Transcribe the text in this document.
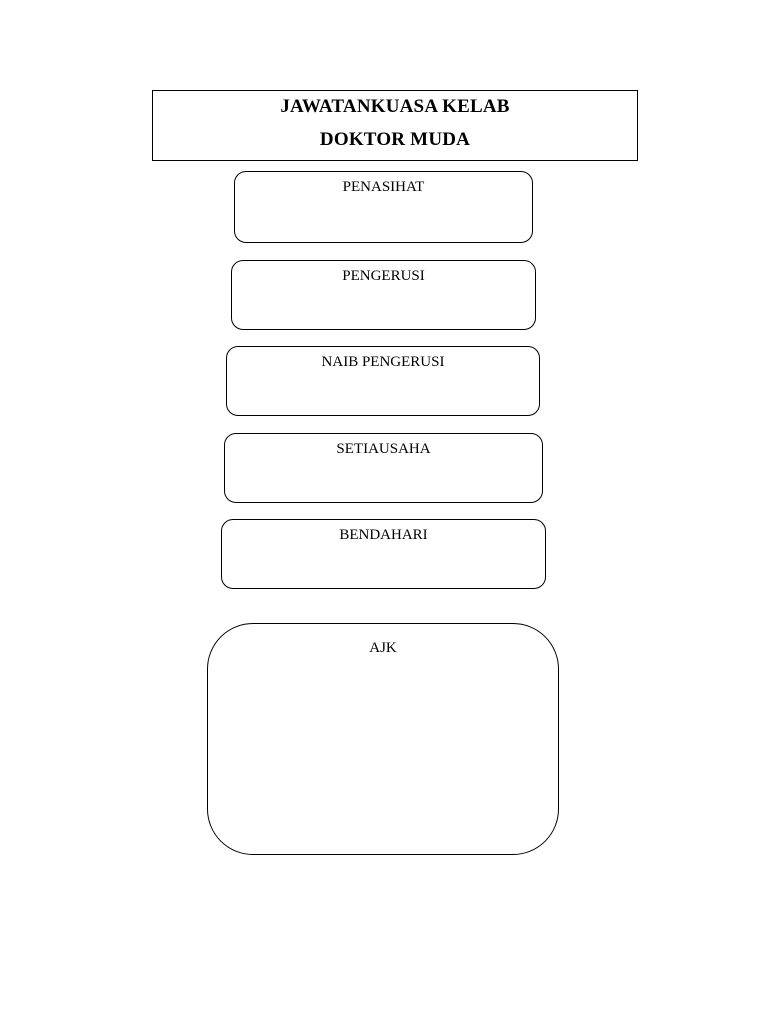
JAWATANKUASA KELAB
DOKTOR MUDA
PENASIHAT
PENGERUSI
NAIB PENGERUSI
SETIAUSAHA
BENDAHARI
AJK
